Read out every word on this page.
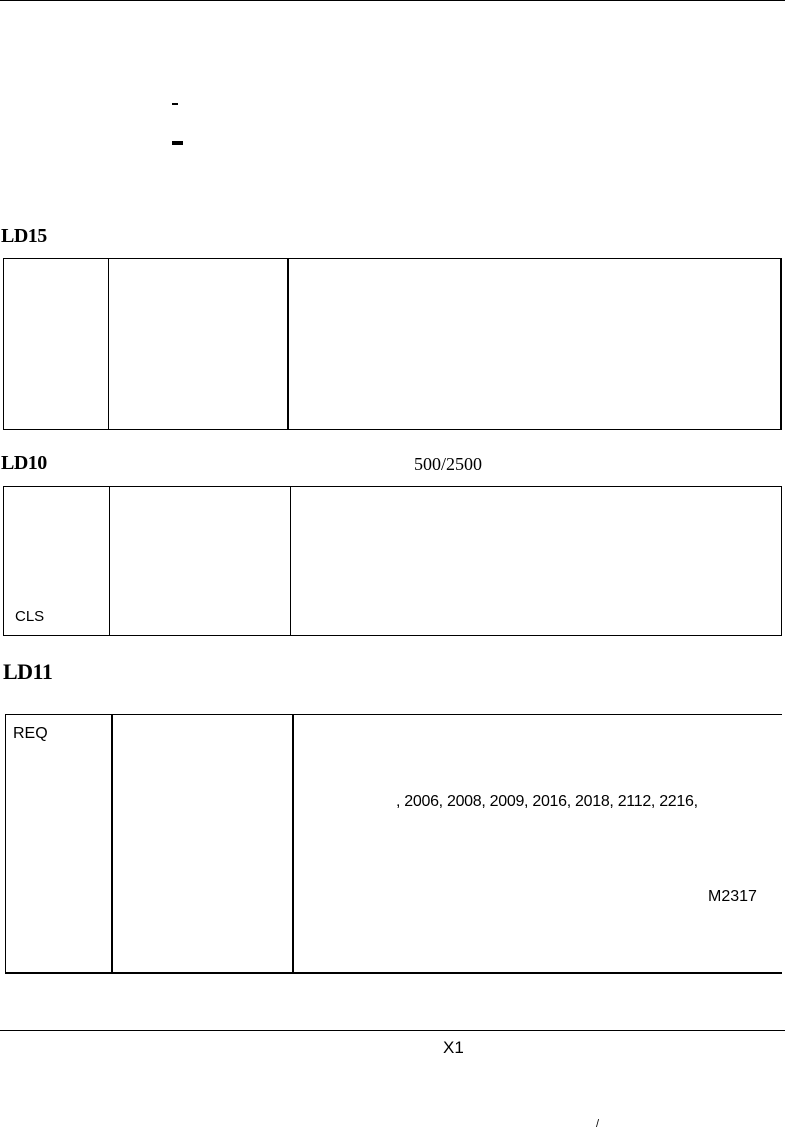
LD15
LD10	500/2500
CLS
LD11
REQ
, 2006, 2008, 2009, 2016, 2018, 2112, 2216,
M2317
X1
/
